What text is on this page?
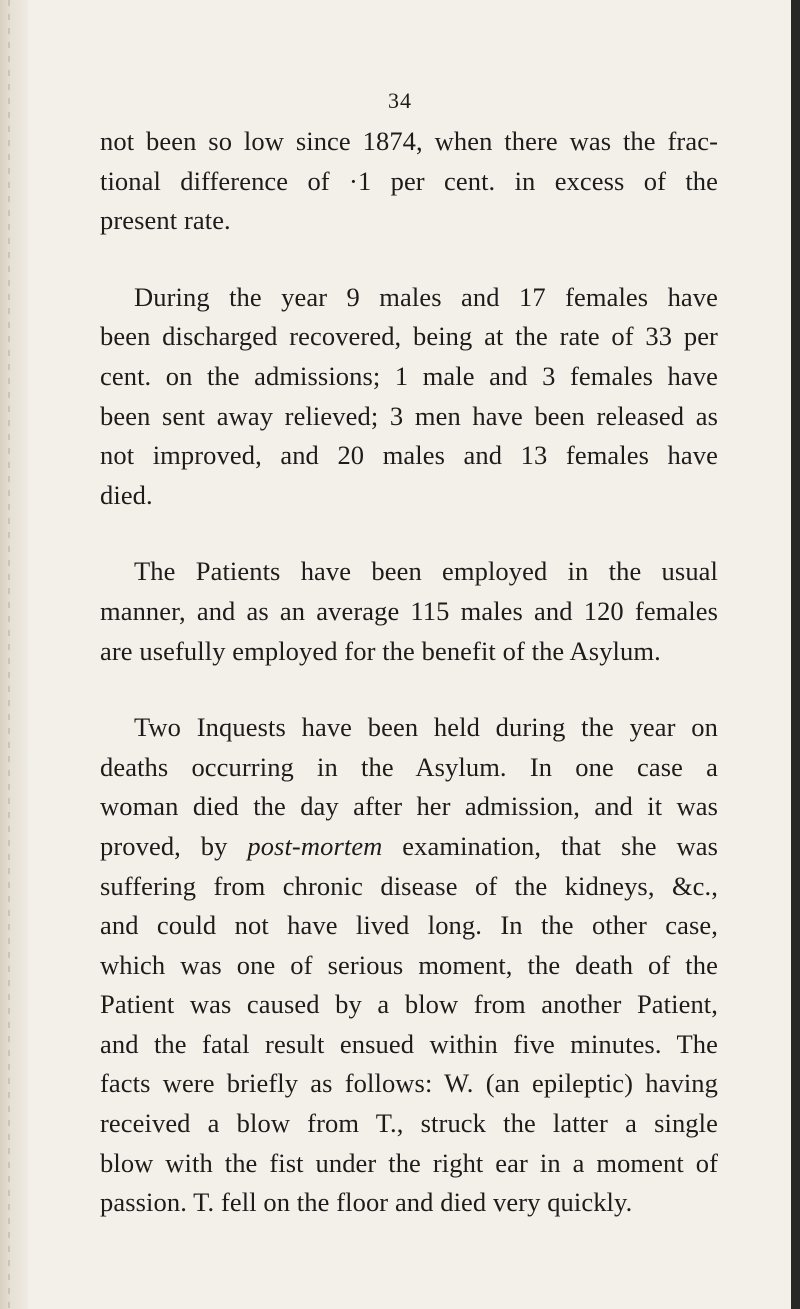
34

not been so low since 1874, when there was the frac-
tional difference of ·1 per cent. in excess of the
present rate.

During the year 9 males and 17 females have
been discharged recovered, being at the rate of 33 per
cent. on the admissions; 1 male and 3 females have
been sent away relieved; 3 men have been released as
not improved, and 20 males and 13 females have
died.

The Patients have been employed in the usual
manner, and as an average 115 males and 120 females
are usefully employed for the benefit of the Asylum.

Two Inquests have been held during the year on
deaths occurring in the Asylum. In one case a
woman died the day after her admission, and it was
proved, by post-mortem examination, that she was
suffering from chronic disease of the kidneys, &c.,
and could not have lived long. In the other case,
which was one of serious moment, the death of the
Patient was caused by a blow from another Patient,
and the fatal result ensued within five minutes. The
facts were briefly as follows: W. (an epileptic) having
received a blow from T., struck the latter a single
blow with the fist under the right ear in a moment of
passion. T. fell on the floor and died very quickly.
